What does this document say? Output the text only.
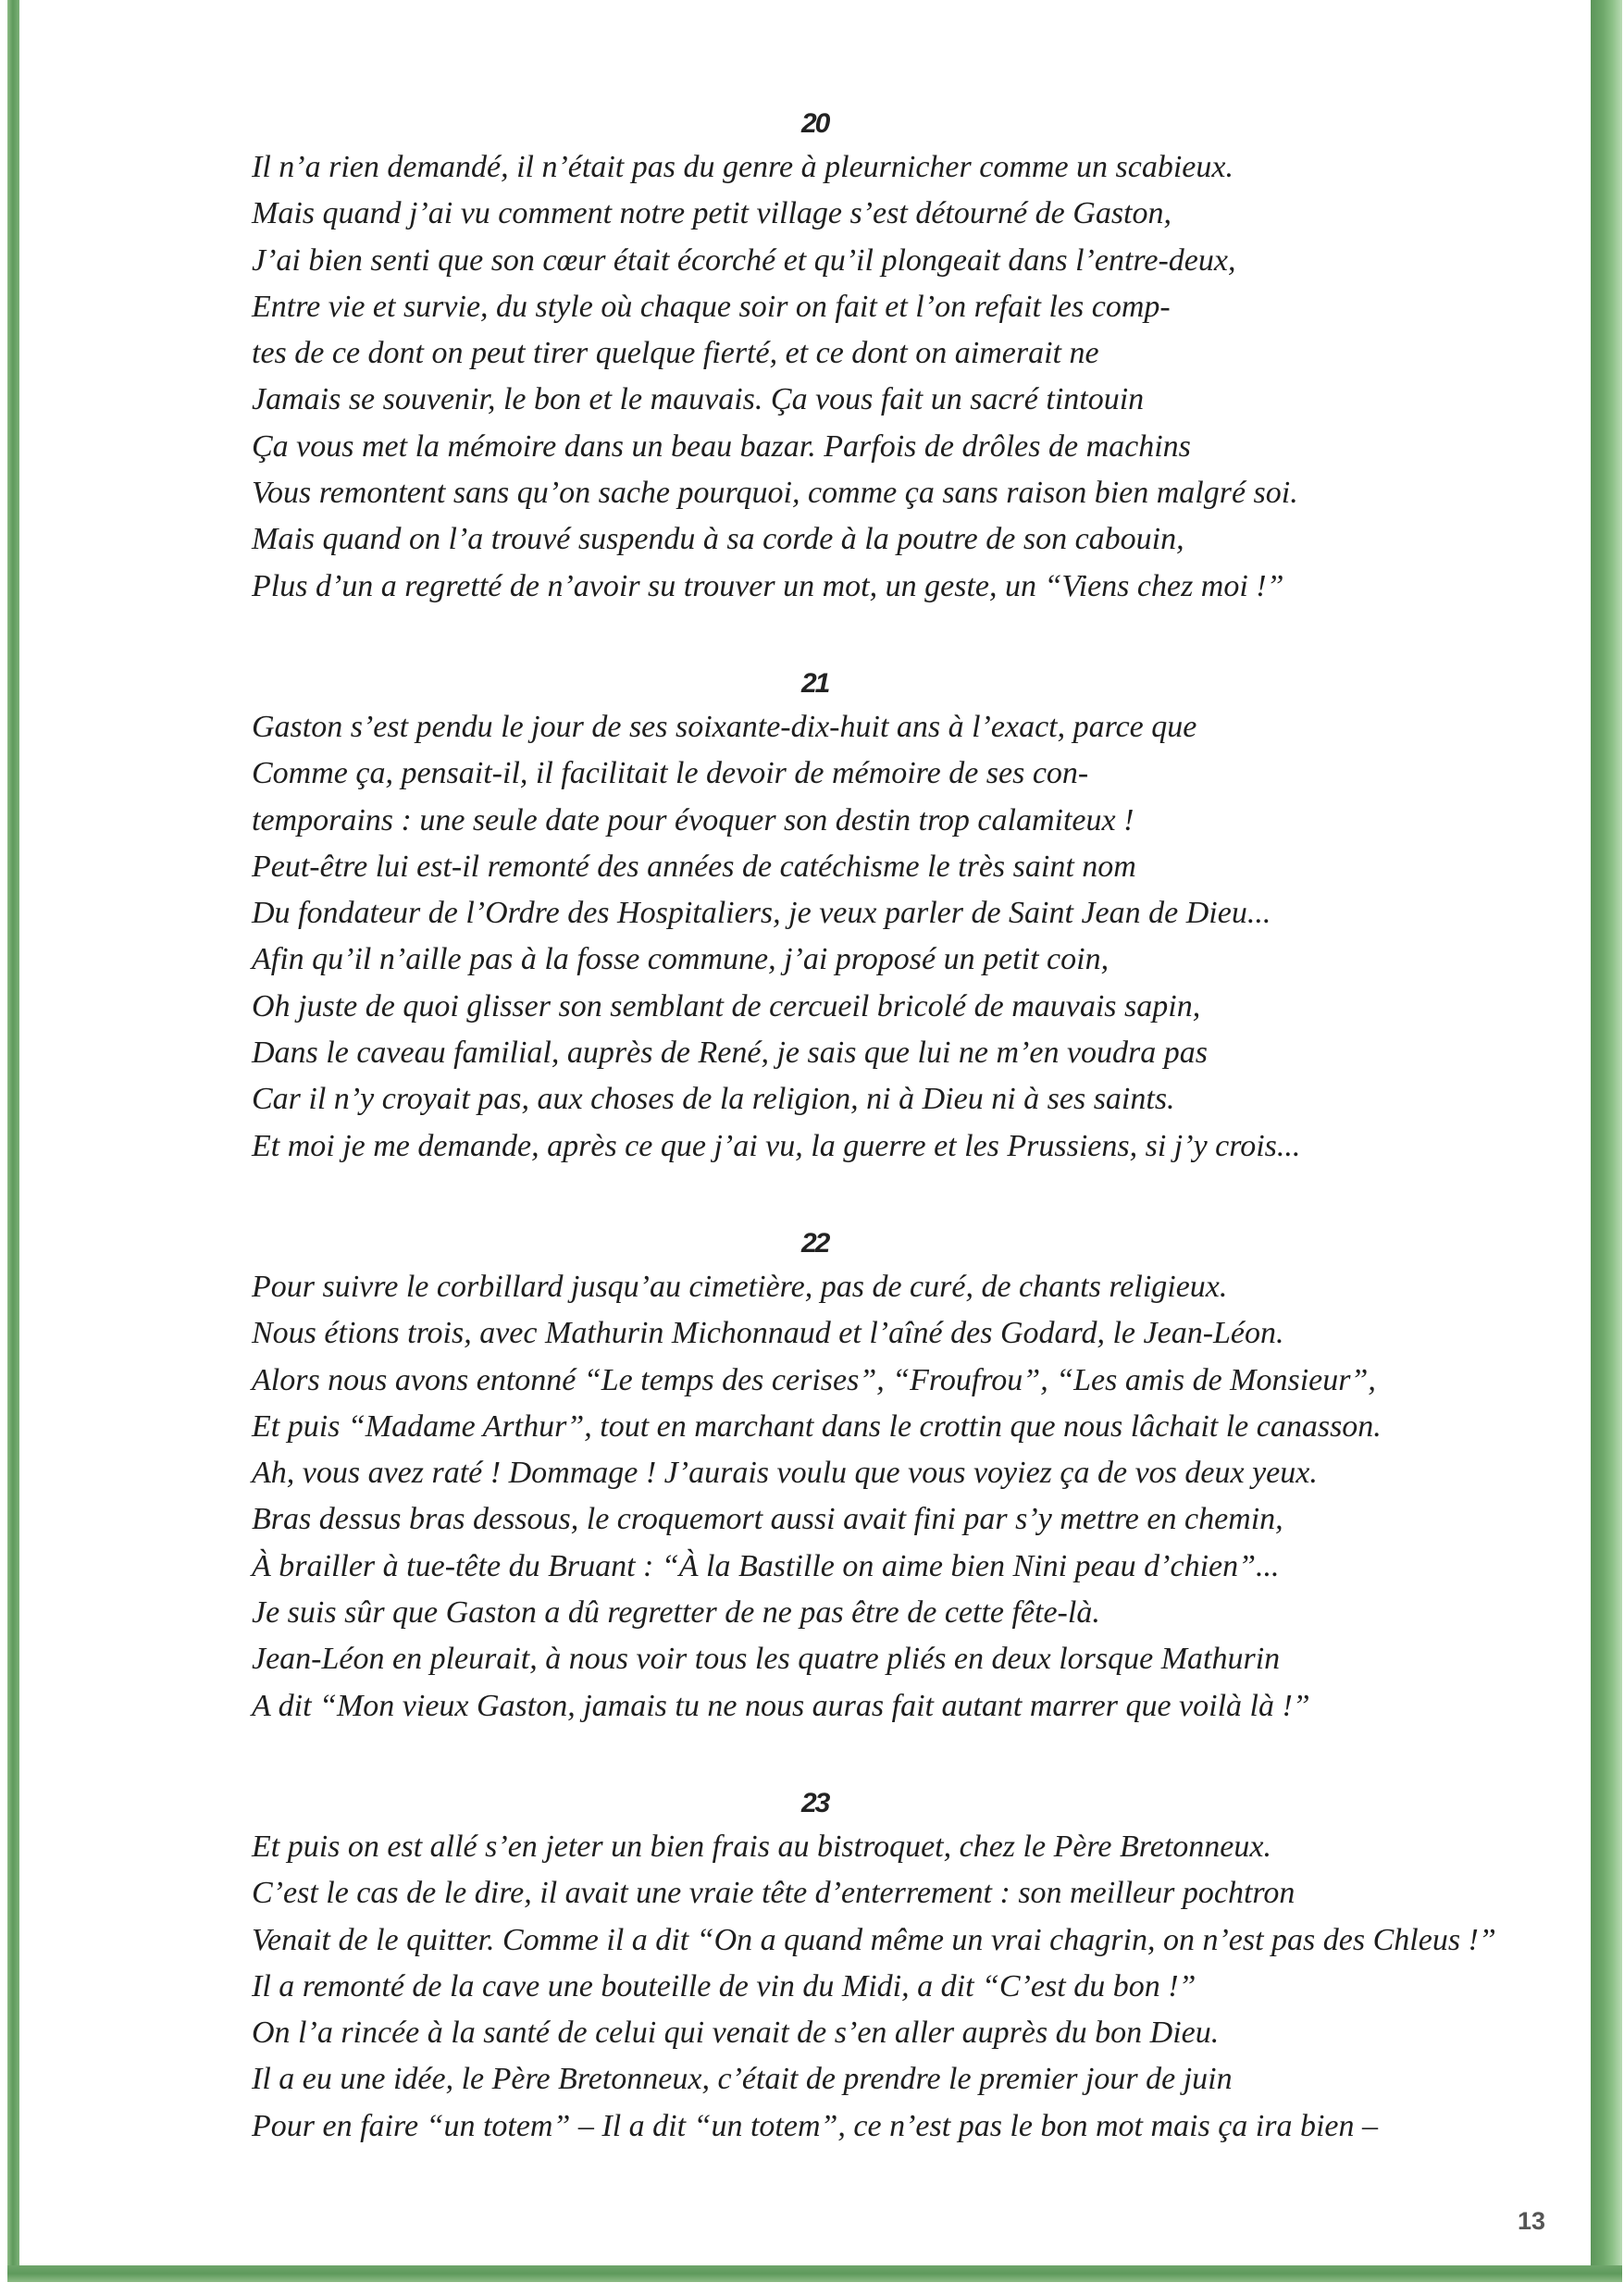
20
Il n’a rien demandé, il n’était pas du genre à pleurnicher comme un scabieux.
Mais quand j’ai vu comment notre petit village s’est détourné de Gaston,
J’ai bien senti que son cœur était écorché et qu’il plongeait dans l’entre-deux,
Entre vie et survie, du style où chaque soir on fait et l’on refait les comp-
tes de ce dont on peut tirer quelque fierté, et ce dont on aimerait ne
Jamais se souvenir, le bon et le mauvais. Ça vous fait un sacré tintouin
Ça vous met la mémoire dans un beau bazar. Parfois de drôles de machins
Vous remontent sans qu’on sache pourquoi, comme ça sans raison bien malgré soi.
Mais quand on l’a trouvé suspendu à sa corde à la poutre de son cabouin,
Plus d’un a regretté de n’avoir su trouver un mot, un geste, un “Viens chez moi !”
21
Gaston s’est pendu le jour de ses soixante-dix-huit ans à l’exact, parce que
Comme ça, pensait-il, il facilitait le devoir de mémoire de ses con-
temporains : une seule date pour évoquer son destin trop calamiteux !
Peut-être lui est-il remonté des années de catéchisme le très saint nom
Du fondateur de l’Ordre des Hospitaliers, je veux parler de Saint Jean de Dieu...
Afin qu’il n’aille pas à la fosse commune, j’ai proposé un petit coin,
Oh juste de quoi glisser son semblant de cercueil bricolé de mauvais sapin,
Dans le caveau familial, auprès de René, je sais que lui ne m’en voudra pas
Car il n’y croyait pas, aux choses de la religion, ni à Dieu ni à ses saints.
Et moi je me demande, après ce que j’ai vu, la guerre et les Prussiens, si j’y crois...
22
Pour suivre le corbillard jusqu’au cimetière, pas de curé, de chants religieux.
Nous étions trois, avec Mathurin Michonnaud et l’aîné des Godard, le Jean-Léon.
Alors nous avons entonné “Le temps des cerises”, “Froufrou”, “Les amis de Monsieur”,
Et puis “Madame Arthur”, tout en marchant dans le crottin que nous lâchait le canasson.
Ah, vous avez raté ! Dommage ! J’aurais voulu que vous voyiez ça de vos deux yeux.
Bras dessus bras dessous, le croquemort aussi avait fini par s’y mettre en chemin,
À brailler à tue-tête du Bruant : “À la Bastille on aime bien Nini peau d’chien”...
Je suis sûr que Gaston a dû regretter de ne pas être de cette fête-là.
Jean-Léon en pleurait, à nous voir tous les quatre pliés en deux lorsque Mathurin
A dit “Mon vieux Gaston, jamais tu ne nous auras fait autant marrer que voilà là !”
23
Et puis on est allé s’en jeter un bien frais au bistroquet, chez le Père Bretonneux.
C’est le cas de le dire, il avait une vraie tête d’enterrement : son meilleur pochtron
Venait de le quitter. Comme il a dit “On a quand même un vrai chagrin, on n’est pas des Chleus !”
Il a remonté de la cave une bouteille de vin du Midi, a dit “C’est du bon !”
On l’a rincée à la santé de celui qui venait de s’en aller auprès du bon Dieu.
Il a eu une idée, le Père Bretonneux, c’était de prendre le premier jour de juin
Pour en faire “un totem” – Il a dit “un totem”, ce n’est pas le bon mot mais ça ira bien –
13
